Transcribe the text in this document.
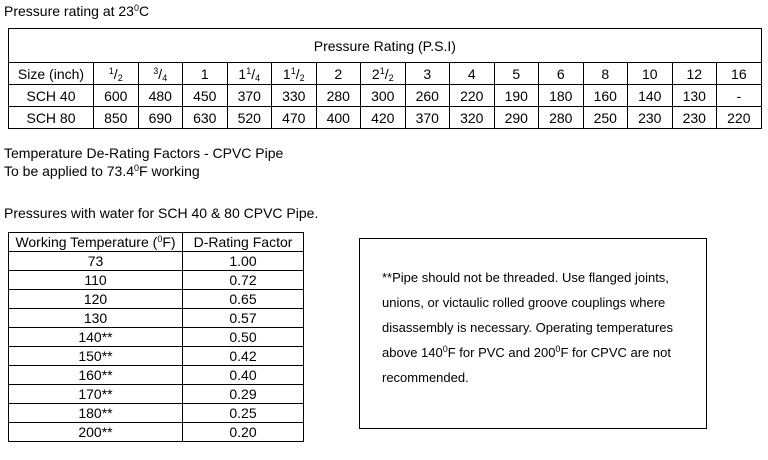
Pressure rating at $23^0C$
Pressure Rating (P.S.I)															
Size (inch)	$^1/_2$	$^3/_4$	1	$1^1/_4$	$1^1/_2$	2	$2^1/_2$	3	4	5	6	8	10	12	16
SCH 40	600	480	450	370	330	280	300	260	220	190	180	160	140	130	-
SCH 80	850	690	630	520	470	400	420	370	320	290	280	250	230	230	220
Temperature De-Rating Factors - CPVC Pipe
To be applied to 73.4$^0$F working
Pressures with water for SCH 40 & 80 CPVC Pipe.
Working Temperature ($^0$F)	D-Rating Factor
73	1.00
110	0.72
120	0.65
130	0.57
140**	0.50
150**	0.42
160**	0.40
170**	0.29
180**	0.25
200**	0.20
**Pipe should not be threaded. Use flanged joints, unions, or victaulic rolled groove couplings where disassembly is necessary. Operating temperatures above $140^0F$ for PVC and $200^0F$ for CPVC are not recommended.
